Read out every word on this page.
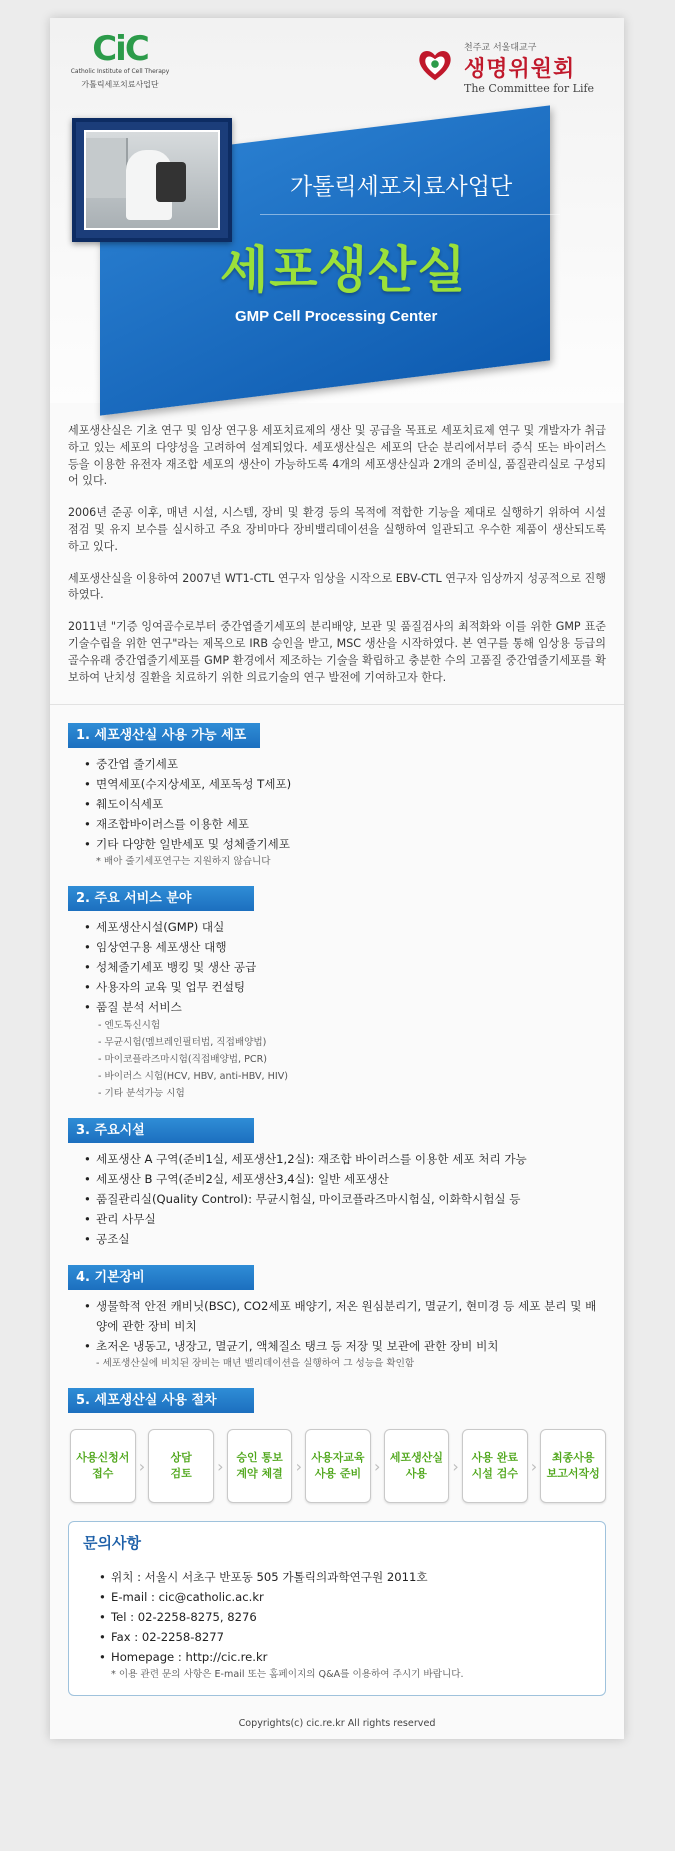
CiC
Catholic Institute of Cell Therapy
가톨릭세포치료사업단
천주교 서울대교구
생명위원회
The Committee for Life
가톨릭세포치료사업단
세포생산실
GMP Cell Processing Center

세포생산실은 기초 연구 및 임상 연구용 세포치료제의 생산 및 공급을 목표로 세포치료제 연구 및 개발자가 취급하고 있는 세포의 다양성을 고려하여 설계되었다. 세포생산실은 세포의 단순 분리에서부터 증식 또는 바이러스 등을 이용한 유전자 재조합 세포의 생산이 가능하도록 4개의 세포생산실과 2개의 준비실, 품질관리실로 구성되어 있다.

2006년 준공 이후, 매년 시설, 시스템, 장비 및 환경 등의 목적에 적합한 기능을 제대로 실행하기 위하여 시설 점검 및 유지 보수를 실시하고 주요 장비마다 장비밸리데이션을 실행하여 일관되고 우수한 제품이 생산되도록 하고 있다.

세포생산실을 이용하여 2007년 WT1-CTL 연구자 임상을 시작으로 EBV-CTL 연구자 임상까지 성공적으로 진행하였다.

2011년 "기증 잉여골수로부터 중간엽줄기세포의 분리배양, 보관 및 품질검사의 최적화와 이를 위한 GMP 표준기술수립을 위한 연구"라는 제목으로 IRB 승인을 받고, MSC 생산을 시작하였다. 본 연구를 통해 임상용 등급의 골수유래 중간엽줄기세포를 GMP 환경에서 제조하는 기술을 확립하고 충분한 수의 고품질 중간엽줄기세포를 확보하여 난치성 질환을 치료하기 위한 의료기술의 연구 발전에 기여하고자 한다.

1. 세포생산실 사용 가능 세포
• 중간엽 줄기세포
• 면역세포(수지상세포, 세포독성 T세포)
• 췌도이식세포
• 재조합바이러스를 이용한 세포
• 기타 다양한 일반세포 및 성체줄기세포
* 배아 줄기세포연구는 지원하지 않습니다
2. 주요 서비스 분야
• 세포생산시설(GMP) 대실
• 임상연구용 세포생산 대행
• 성체줄기세포 뱅킹 및 생산 공급
• 사용자의 교육 및 업무 컨설팅
• 품질 분석 서비스
- 엔도톡신시험
- 무균시험(멤브레인필터법, 직접배양법)
- 마이코플라즈마시험(직접배양법, PCR)
- 바이러스 시험(HCV, HBV, anti-HBV, HIV)
- 기타 분석가능 시험
3. 주요시설
• 세포생산 A 구역(준비1실, 세포생산1,2실): 재조합 바이러스를 이용한 세포 처리 가능
• 세포생산 B 구역(준비2실, 세포생산3,4실): 일반 세포생산
• 품질관리실(Quality Control): 무균시험실, 마이코플라즈마시험실, 이화학시험실 등
• 관리 사무실
• 공조실
4. 기본장비
• 생물학적 안전 캐비닛(BSC), CO2세포 배양기, 저온 원심분리기, 멸균기, 현미경 등 세포 분리 및 배양에 관한 장비 비치
• 초저온 냉동고, 냉장고, 멸균기, 액체질소 탱크 등 저장 및 보관에 관한 장비 비치
- 세포생산실에 비치된 장비는 매년 밸리데이션을 실행하여 그 성능을 확인함
5. 세포생산실 사용 절차
사용신청서
접수	› 상담
검토 › 승인 통보
계약 체결 › 사용자교육
사용 준비 › 세포생산실
사용	› 사용 완료
시설 검수 ›	최종사용
보고서작성
문의사항
• 위치 : 서울시 서초구 반포동 505 가톨릭의과학연구원 2011호
• E-mail : cic@catholic.ac.kr
• Tel : 02-2258-8275, 8276
• Fax : 02-2258-8277
• Homepage : http://cic.re.kr
* 이용 관련 문의 사항은 E-mail 또는 홈페이지의 Q&A를 이용하여 주시기 바랍니다.
Copyrights(c) cic.re.kr All rights reserved
